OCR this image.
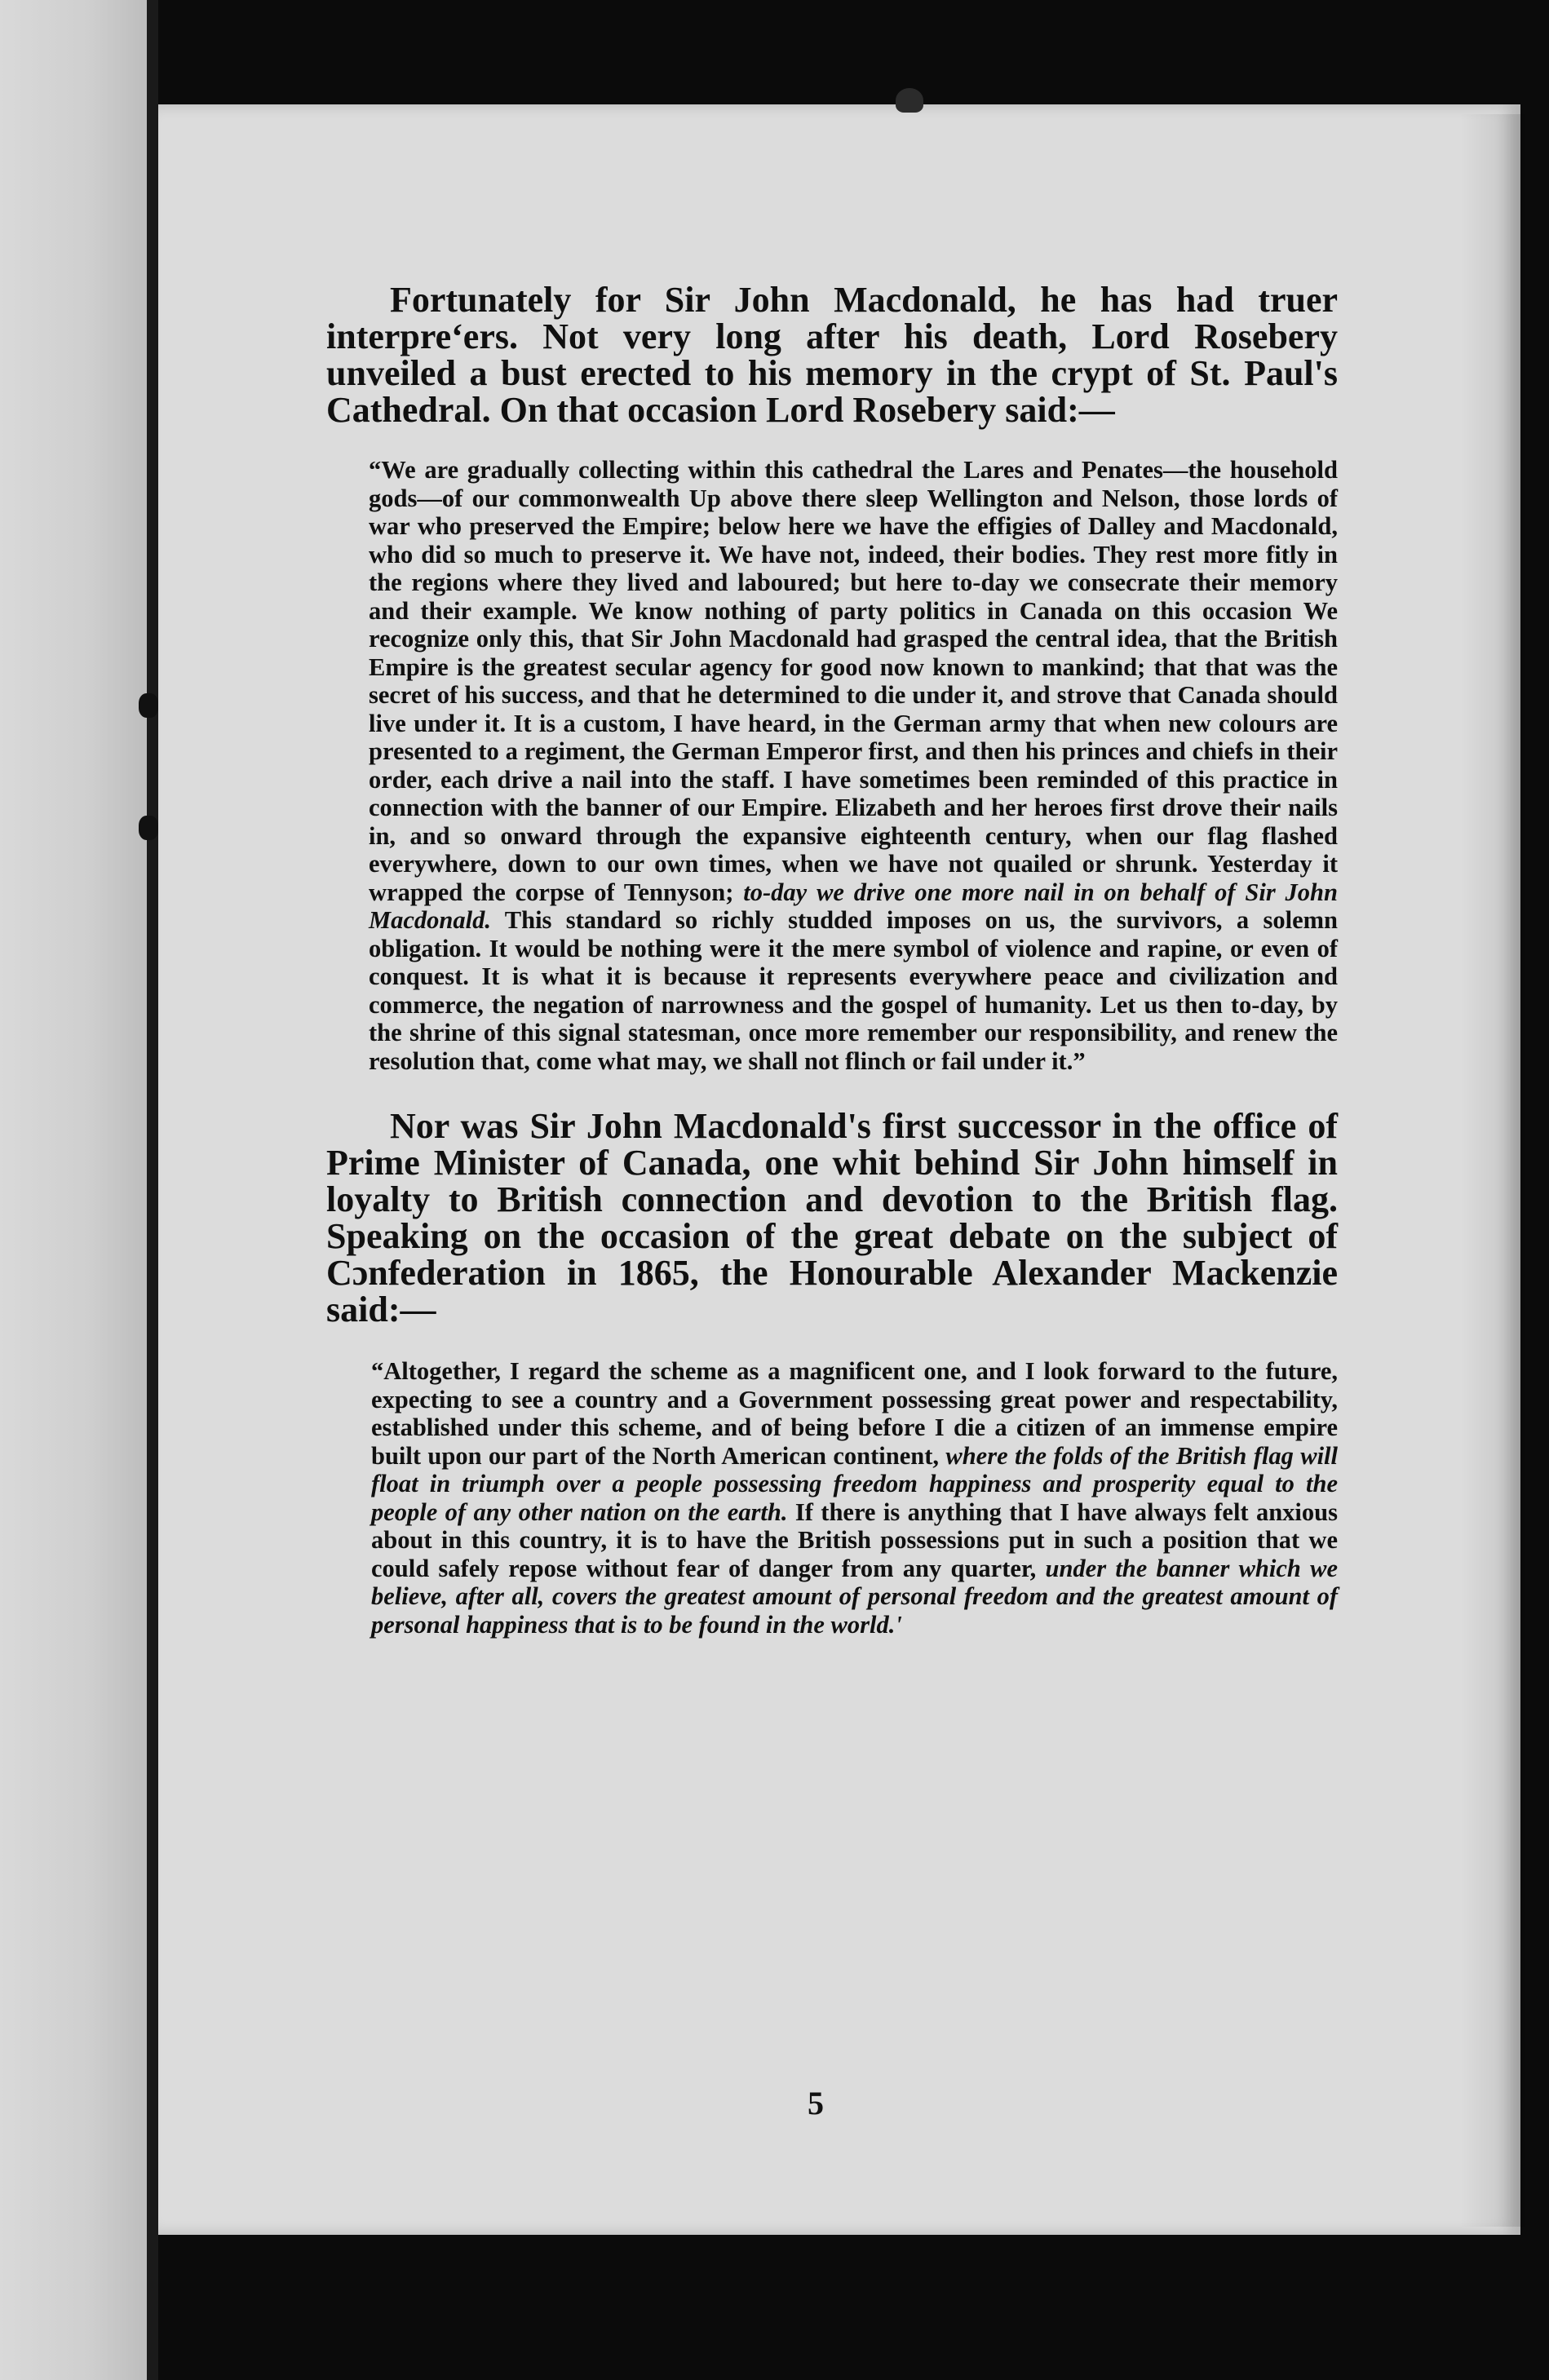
Fortunately for Sir John Macdonald, he has had truer interpreʻers. Not very long after his death, Lord Rosebery unveiled a bust erected to his memory in the crypt of St. Paul's Cathedral. On that occasion Lord Rosebery said:—

“We are gradually collecting within this cathedral the Lares and Penates—the household gods—of our commonwealth Up above there sleep Wellington and Nelson, those lords of war who preserved the Empire; below here we have the effigies of Dalley and Macdonald, who did so much to preserve it. We have not, indeed, their bodies. They rest more fitly in the regions where they lived and laboured; but here to-day we consecrate their memory and their example. We know nothing of party politics in Canada on this occasion We recognize only this, that Sir John Macdonald had grasped the central idea, that the British Empire is the greatest secular agency for good now known to mankind; that that was the secret of his success, and that he determined to die under it, and strove that Canada should live under it. It is a custom, I have heard, in the German army that when new colours are presented to a regiment, the German Emperor first, and then his princes and chiefs in their order, each drive a nail into the staff. I have sometimes been reminded of this practice in connection with the banner of our Empire. Elizabeth and her heroes first drove their nails in, and so onward through the expansive eighteenth century, when our flag flashed everywhere, down to our own times, when we have not quailed or shrunk. Yesterday it wrapped the corpse of Tennyson; to-day we drive one more nail in on behalf of Sir John Macdonald. This standard so richly studded imposes on us, the survivors, a solemn obligation. It would be nothing were it the mere symbol of violence and rapine, or even of conquest. It is what it is because it represents everywhere peace and civilization and commerce, the negation of narrowness and the gospel of humanity. Let us then to-day, by the shrine of this signal statesman, once more remember our responsibility, and renew the resolution that, come what may, we shall not flinch or fail under it.”

Nor was Sir John Macdonald's first successor in the office of Prime Minister of Canada, one whit behind Sir John himself in loyalty to British connection and devotion to the British flag. Speaking on the occasion of the great debate on the subject of Cɔnfederation in 1865, the Honourable Alexander Mackenzie said:—

“Altogether, I regard the scheme as a magnificent one, and I look forward to the future, expecting to see a country and a Government possessing great power and respectability, established under this scheme, and of being before I die a citizen of an immense empire built upon our part of the North American continent, where the folds of the British flag will float in triumph over a people possessing freedom happiness and prosperity equal to the people of any other nation on the earth. If there is anything that I have always felt anxious about in this country, it is to have the British possessions put in such a position that we could safely repose without fear of danger from any quarter, under the banner which we believe, after all, covers the greatest amount of personal freedom and the greatest amount of personal happiness that is to be found in the world.'

5
